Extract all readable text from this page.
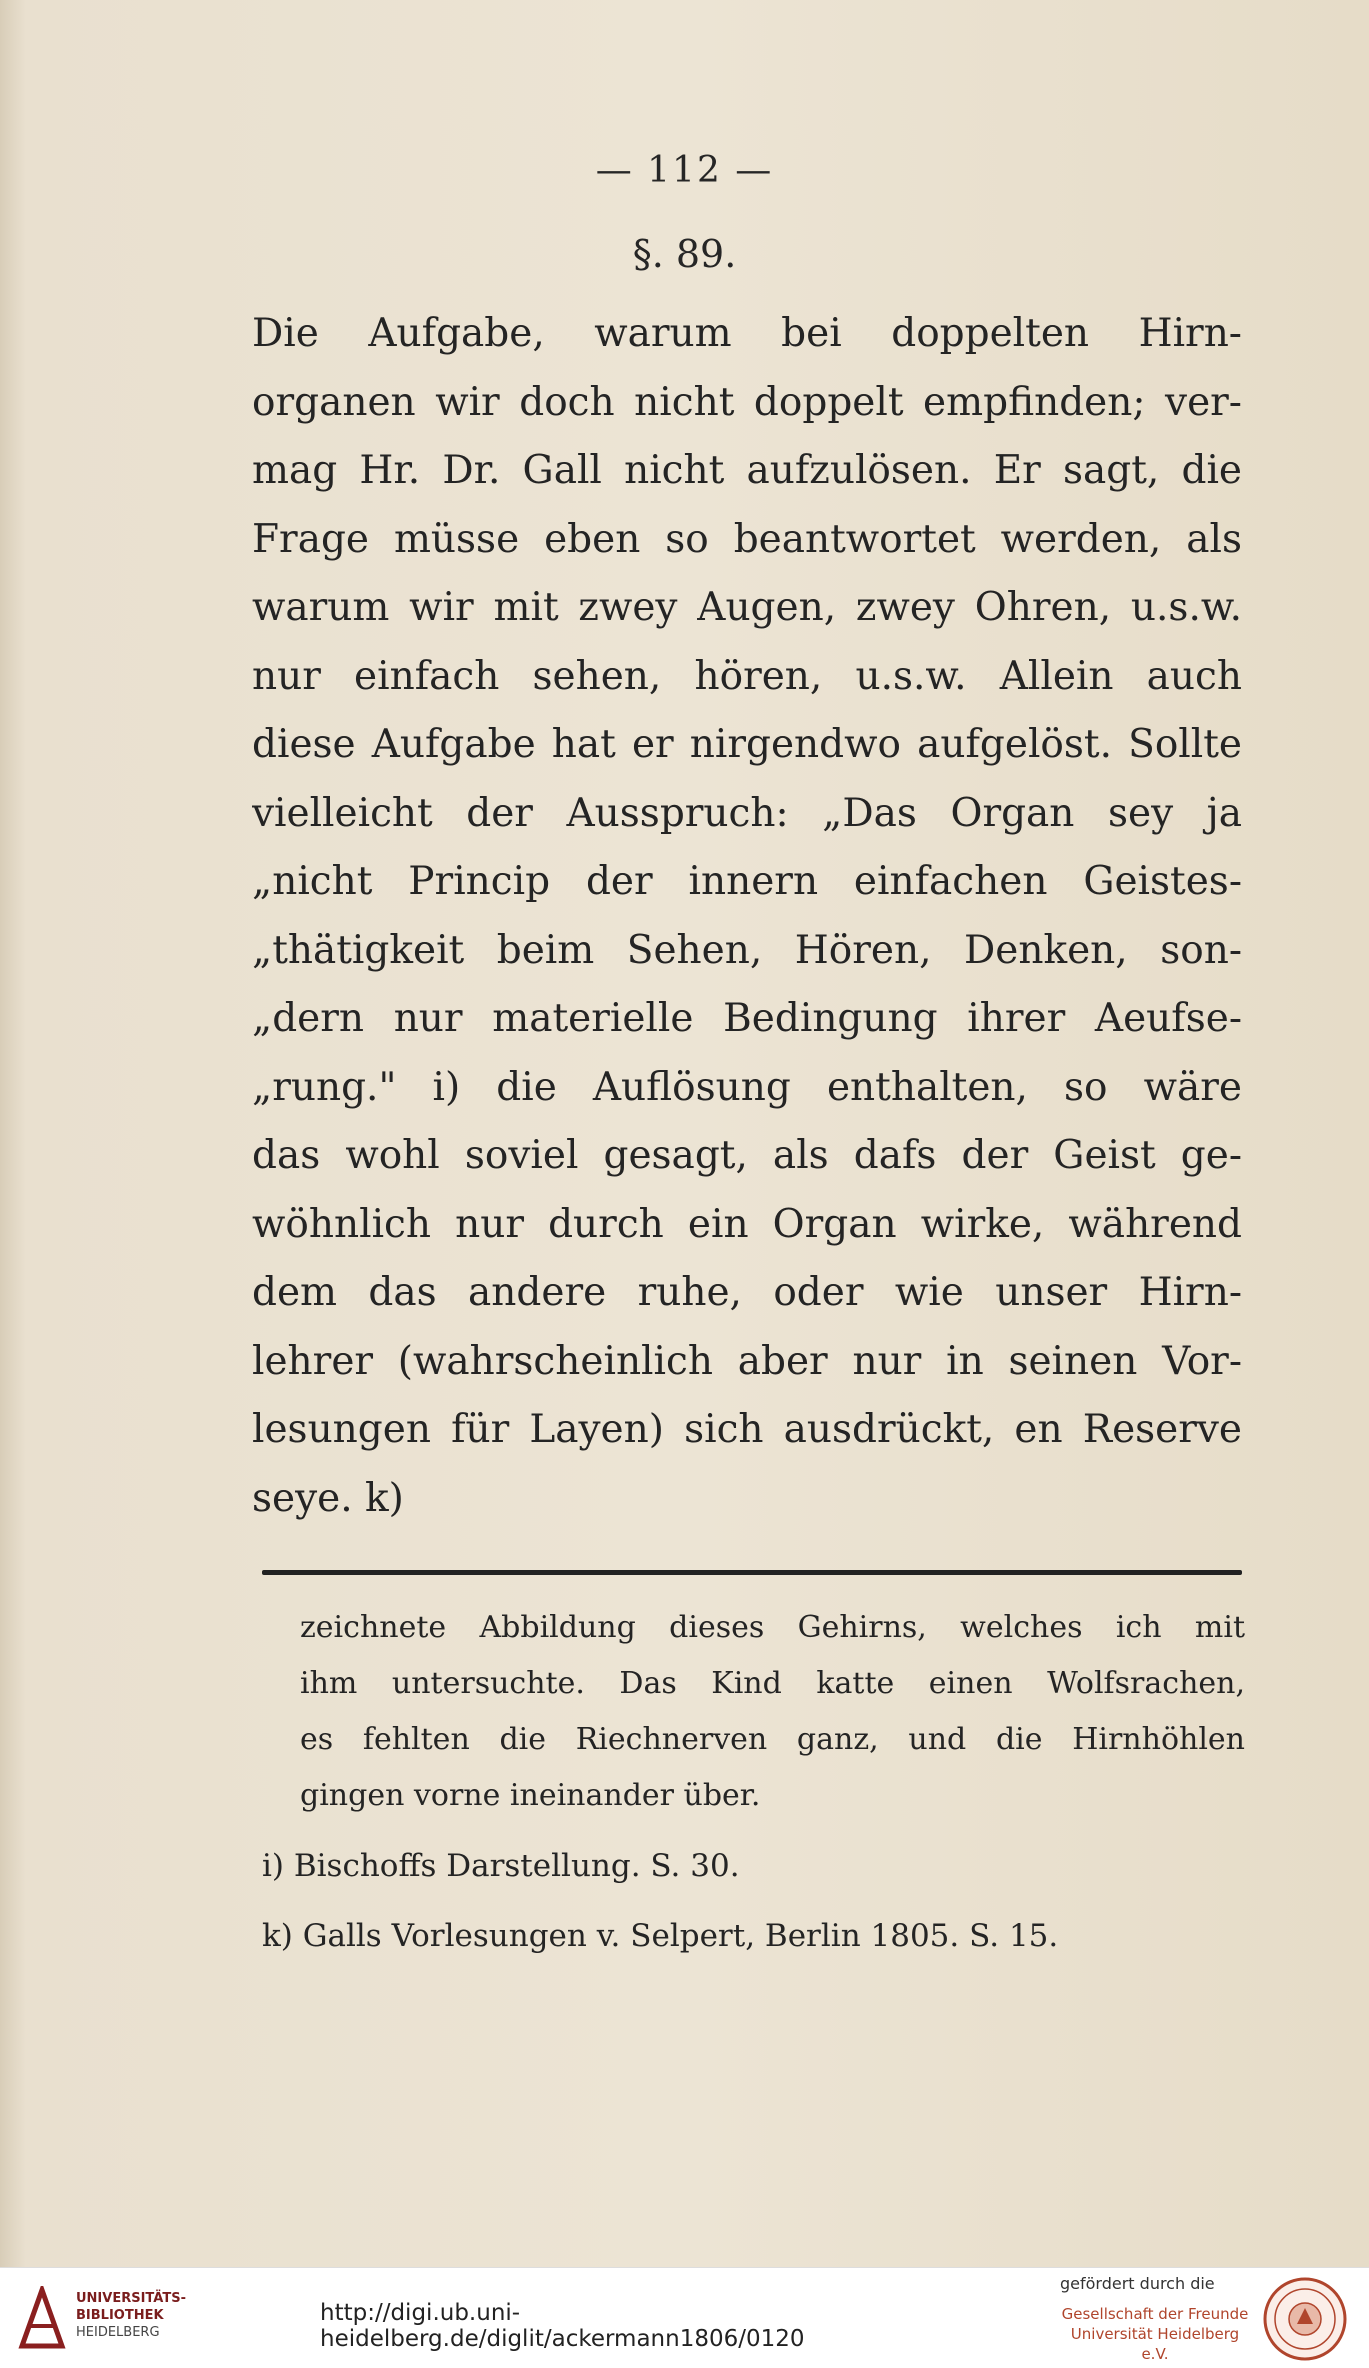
— 112 —
§. 89.
Die Aufgabe, warum bei doppelten Hirn-
organen wir doch nicht doppelt empfinden; ver-
mag Hr. Dr. Gall nicht aufzulösen. Er sagt, die
Frage müsse eben so beantwortet werden, als
warum wir mit zwey Augen, zwey Ohren, u.s.w.
nur einfach sehen, hören, u.s.w. Allein auch
diese Aufgabe hat er nirgendwo aufgelöst. Sollte
vielleicht der Ausspruch: „Das Organ sey ja
„nicht Princip der innern einfachen Geistes-
„thätigkeit beim Sehen, Hören, Denken, son-
„dern nur materielle Bedingung ihrer Aeufse-
„rung." i) die Auflösung enthalten, so wäre
das wohl soviel gesagt, als dafs der Geist ge-
wöhnlich nur durch ein Organ wirke, während
dem das andere ruhe, oder wie unser Hirn-
lehrer (wahrscheinlich aber nur in seinen Vor-
lesungen für Layen) sich ausdrückt, en Reserve
seye. k)
zeichnete Abbildung dieses Gehirns, welches ich mit
ihm untersuchte. Das Kind katte einen Wolfsrachen,
es fehlten die Riechnerven ganz, und die Hirnhöhlen
gingen vorne ineinander über.
i) Bischoffs Darstellung. S. 30.
k) Galls Vorlesungen v. Selpert, Berlin 1805. S. 15.
UNIVERSITÄTS-
BIBLIOTHEK
HEIDELBERG
http://digi.ub.uni-heidelberg.de/diglit/ackermann1806/0120
gefördert durch die
Gesellschaft der Freunde
Universität Heidelberg e.V.
